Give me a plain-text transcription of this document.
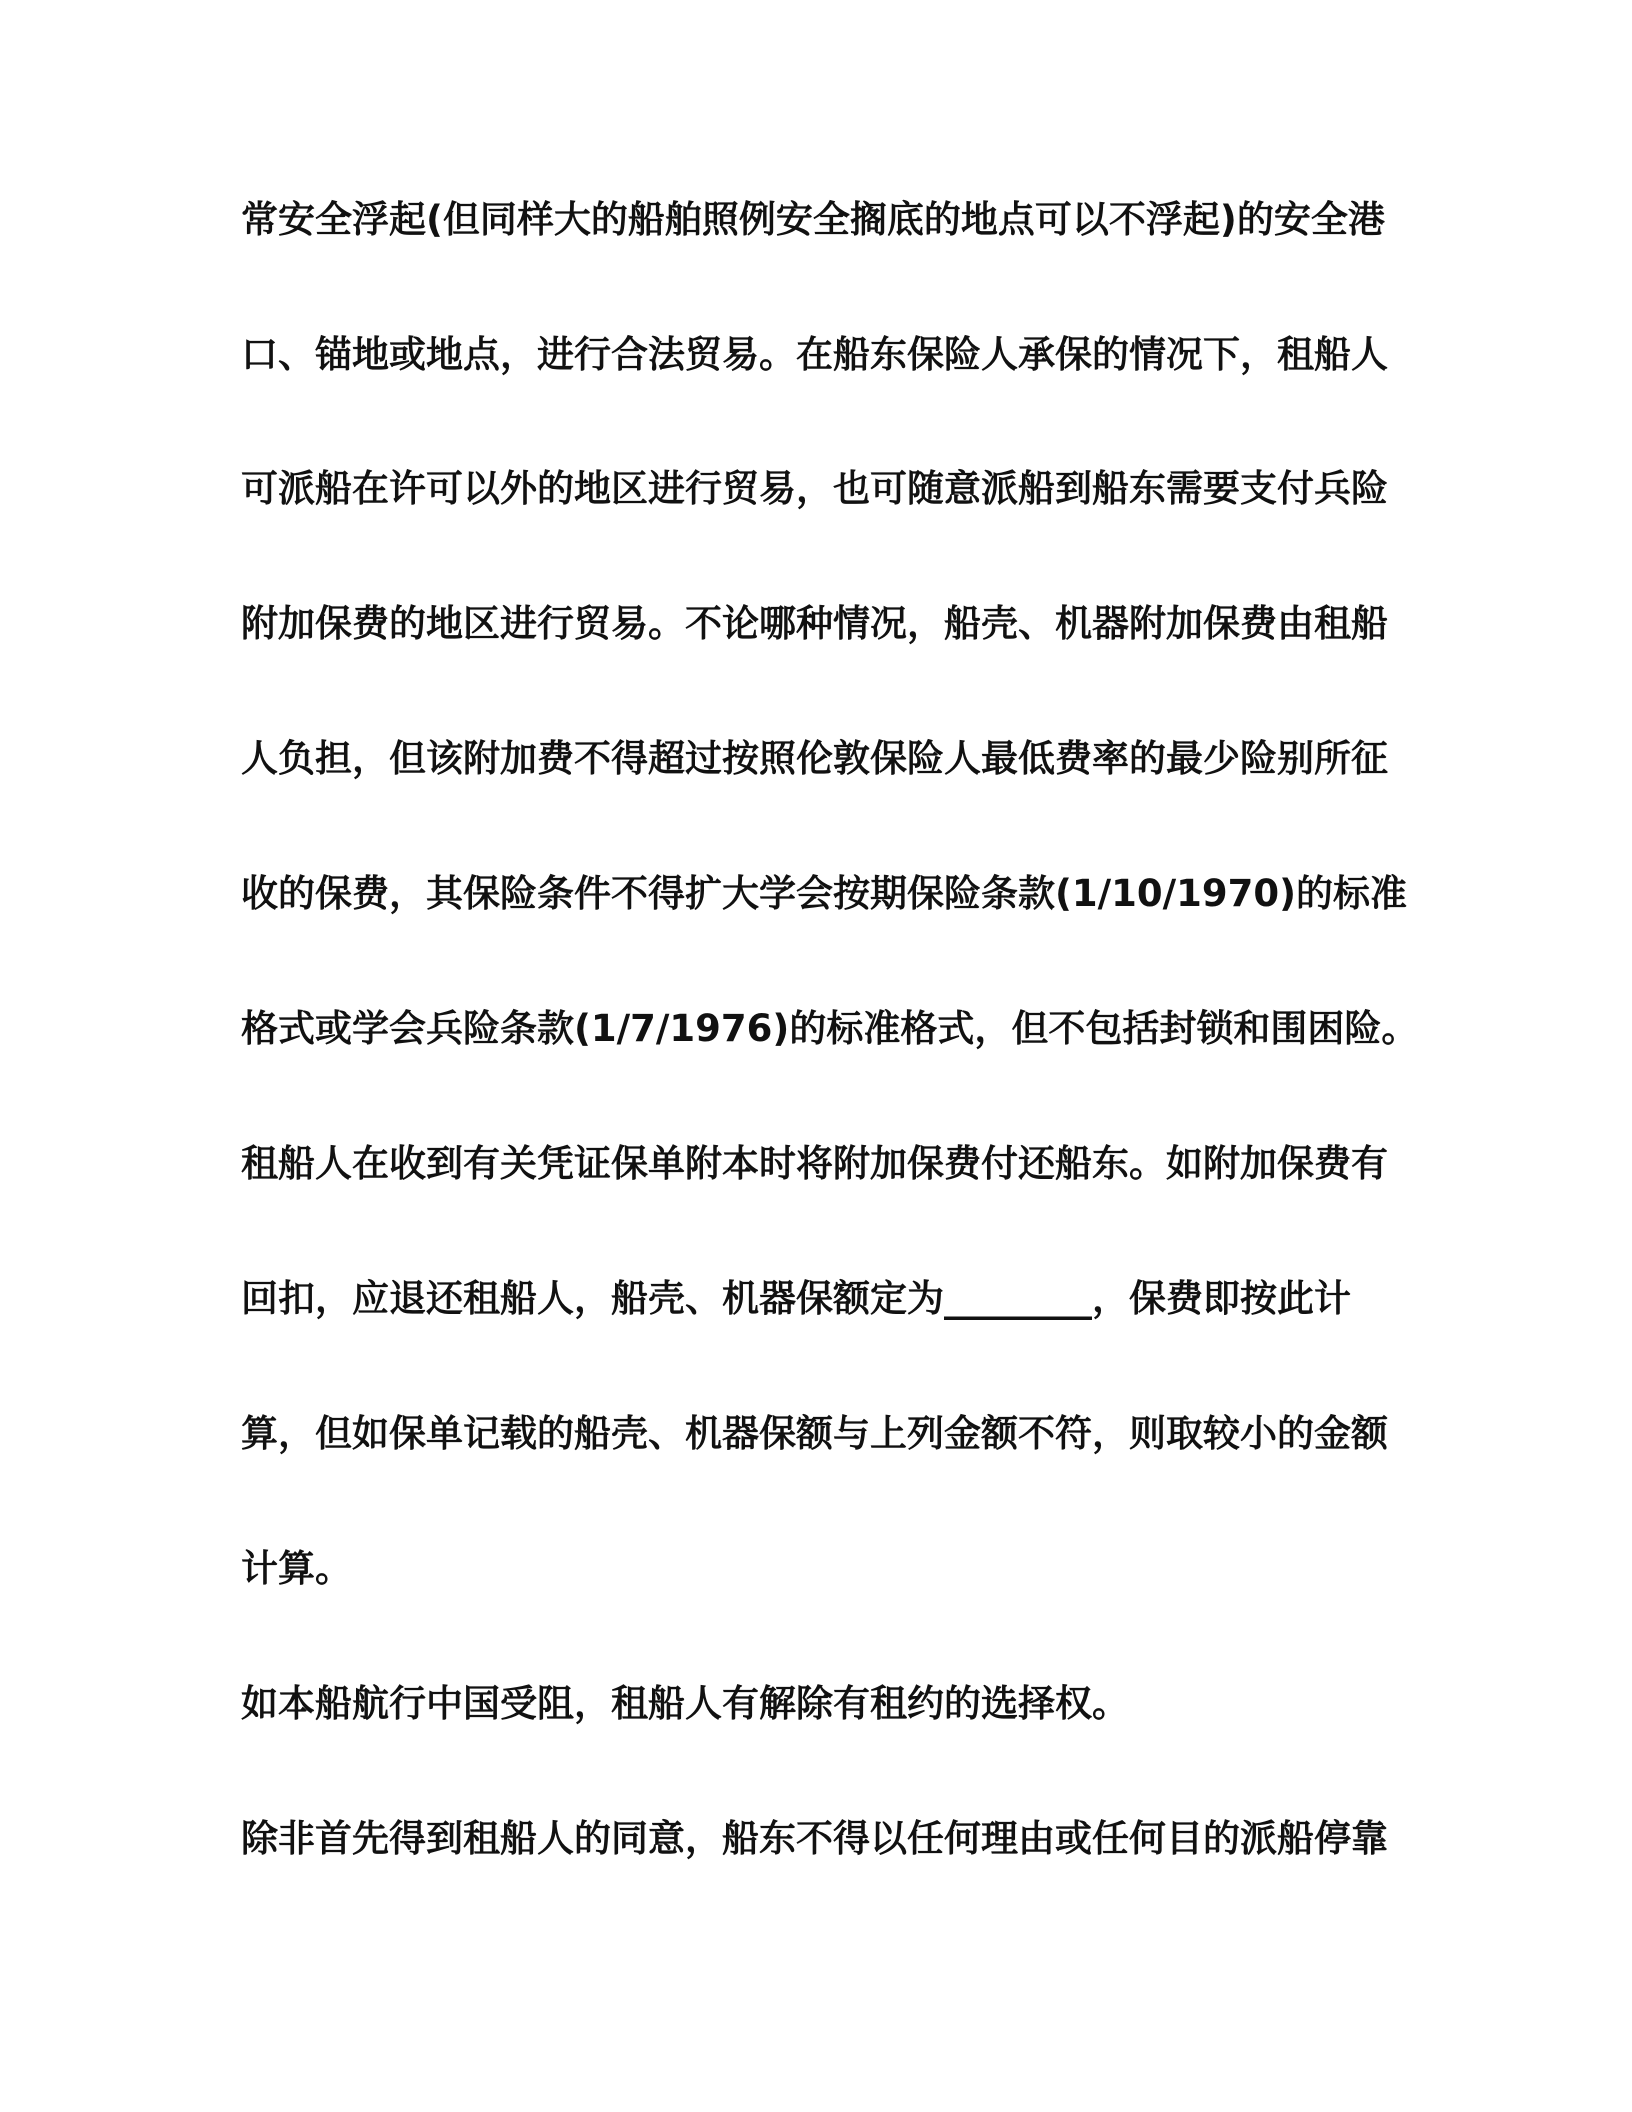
常安全浮起(但同样大的船舶照例安全搁底的地点可以不浮起)的安全港

口、锚地或地点，进行合法贸易。在船东保险人承保的情况下，租船人

可派船在许可以外的地区进行贸易，也可随意派船到船东需要支付兵险

附加保费的地区进行贸易。不论哪种情况，船壳、机器附加保费由租船

人负担，但该附加费不得超过按照伦敦保险人最低费率的最少险别所征

收的保费，其保险条件不得扩大学会按期保险条款(1/10/1970)的标准

格式或学会兵险条款(1/7/1976)的标准格式，但不包括封锁和围困险。

租船人在收到有关凭证保单附本时将附加保费付还船东。如附加保费有

回扣，应退还租船人，船壳、机器保额定为________，保费即按此计

算，但如保单记载的船壳、机器保额与上列金额不符，则取较小的金额

计算。

如本船航行中国受阻，租船人有解除有租约的选择权。

除非首先得到租船人的同意，船东不得以任何理由或任何目的派船停靠
